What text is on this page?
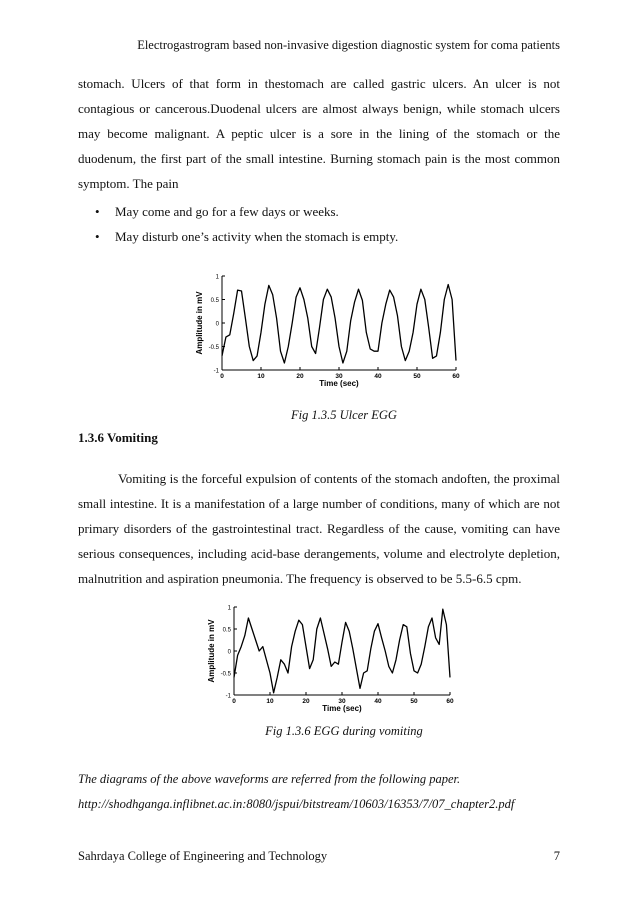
Electrogastrogram based non-invasive digestion diagnostic system for coma patients
stomach. Ulcers of that form in thestomach are called gastric ulcers. An ulcer is not contagious or cancerous.Duodenal ulcers are almost always benign, while stomach ulcers may become malignant. A peptic ulcer is a sore in the lining of the stomach or the duodenum, the first part of the small intestine. Burning stomach pain is the most common symptom. The pain
• May come and go for a few days or weeks.
• May disturb one’s activity when the stomach is empty.
1
0.5
0
-0.5
-1
0	10	20	30	40	50	60
Time (sec)
Amplitude in mV
Fig 1.3.5 Ulcer EGG
1.3.6 Vomiting
Vomiting is the forceful expulsion of contents of the stomach andoften, the proximal small intestine. It is a manifestation of a large number of conditions, many of which are not primary disorders of the gastrointestinal tract. Regardless of the cause, vomiting can have serious consequences, including acid-base derangements, volume and electrolyte depletion, malnutrition and aspiration pneumonia. The frequency is observed to be 5.5-6.5 cpm.
1
0.5
0
-0.5
-1
0	10	20	30	40	50	60
Time (sec)
Amplitude in mV
Fig 1.3.6 EGG during vomiting
The diagrams of the above waveforms are referred from the following paper.
http://shodhganga.inflibnet.ac.in:8080/jspui/bitstream/10603/16353/7/07_chapter2.pdf
Sahrdaya College of Engineering and Technology	7
